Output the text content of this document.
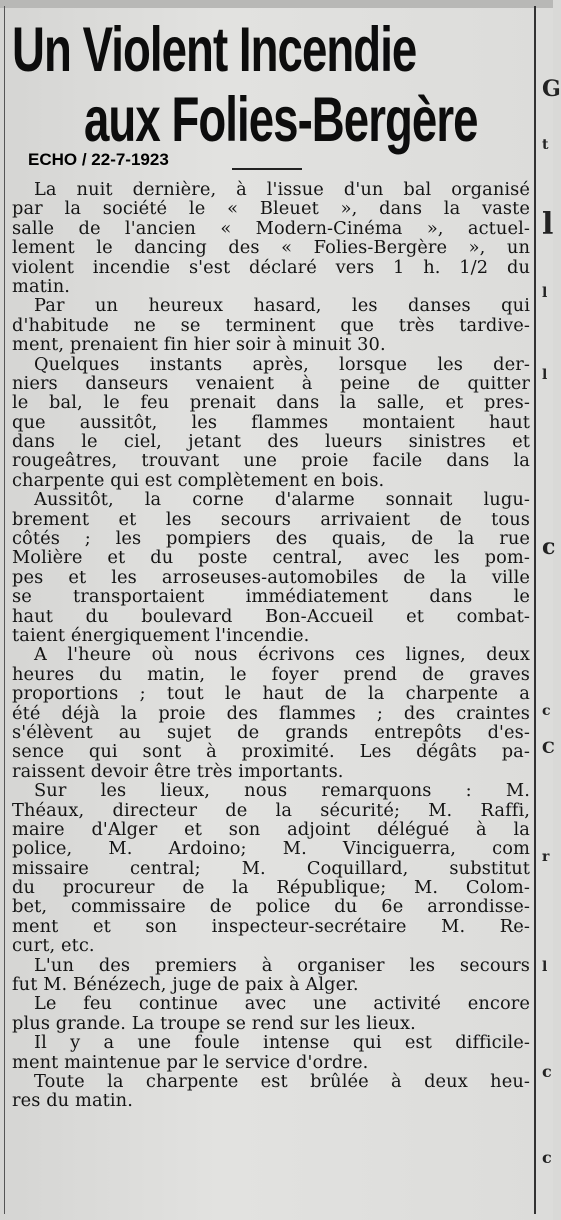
G
t
l
l
l
c
c
C
r
l
c
c
Un Violent Incendie
aux Folies-Bergère
ECHO / 22-7-1923
La nuit dernière, à l'issue d'un bal organisé
par la société le « Bleuet », dans la vaste
salle de l'ancien « Modern-Cinéma », actuel-
lement le dancing des « Folies-Bergère », un
violent incendie s'est déclaré vers 1 h. 1/2 du
matin.
Par un heureux hasard, les danses qui
d'habitude ne se terminent que très tardive-
ment, prenaient fin hier soir à minuit 30.
Quelques instants après, lorsque les der-
niers danseurs venaient à peine de quitter
le bal, le feu prenait dans la salle, et pres-
que aussitôt, les flammes montaient haut
dans le ciel, jetant des lueurs sinistres et
rougeâtres, trouvant une proie facile dans la
charpente qui est complètement en bois.
Aussitôt, la corne d'alarme sonnait lugu-
brement et les secours arrivaient de tous
côtés ; les pompiers des quais, de la rue
Molière et du poste central, avec les pom-
pes et les arroseuses-automobiles de la ville
se transportaient immédiatement dans le
haut du boulevard Bon-Accueil et combat-
taient énergiquement l'incendie.
A l'heure où nous écrivons ces lignes, deux
heures du matin, le foyer prend de graves
proportions ; tout le haut de la charpente a
été déjà la proie des flammes ; des craintes
s'élèvent au sujet de grands entrepôts d'es-
sence qui sont à proximité. Les dégâts pa-
raissent devoir être très importants.
Sur les lieux, nous remarquons : M.
Théaux, directeur de la sécurité; M. Raffi,
maire d'Alger et son adjoint délégué à la
police, M. Ardoino; M. Vinciguerra, com
missaire central; M. Coquillard, substitut
du procureur de la République; M. Colom-
bet, commissaire de police du 6e arrondisse-
ment et son inspecteur-secrétaire M. Re-
curt, etc.
L'un des premiers à organiser les secours
fut M. Bénézech, juge de paix à Alger.
Le feu continue avec une activité encore
plus grande. La troupe se rend sur les lieux.
Il y a une foule intense qui est difficile-
ment maintenue par le service d'ordre.
Toute la charpente est brûlée à deux heu-
res du matin.
